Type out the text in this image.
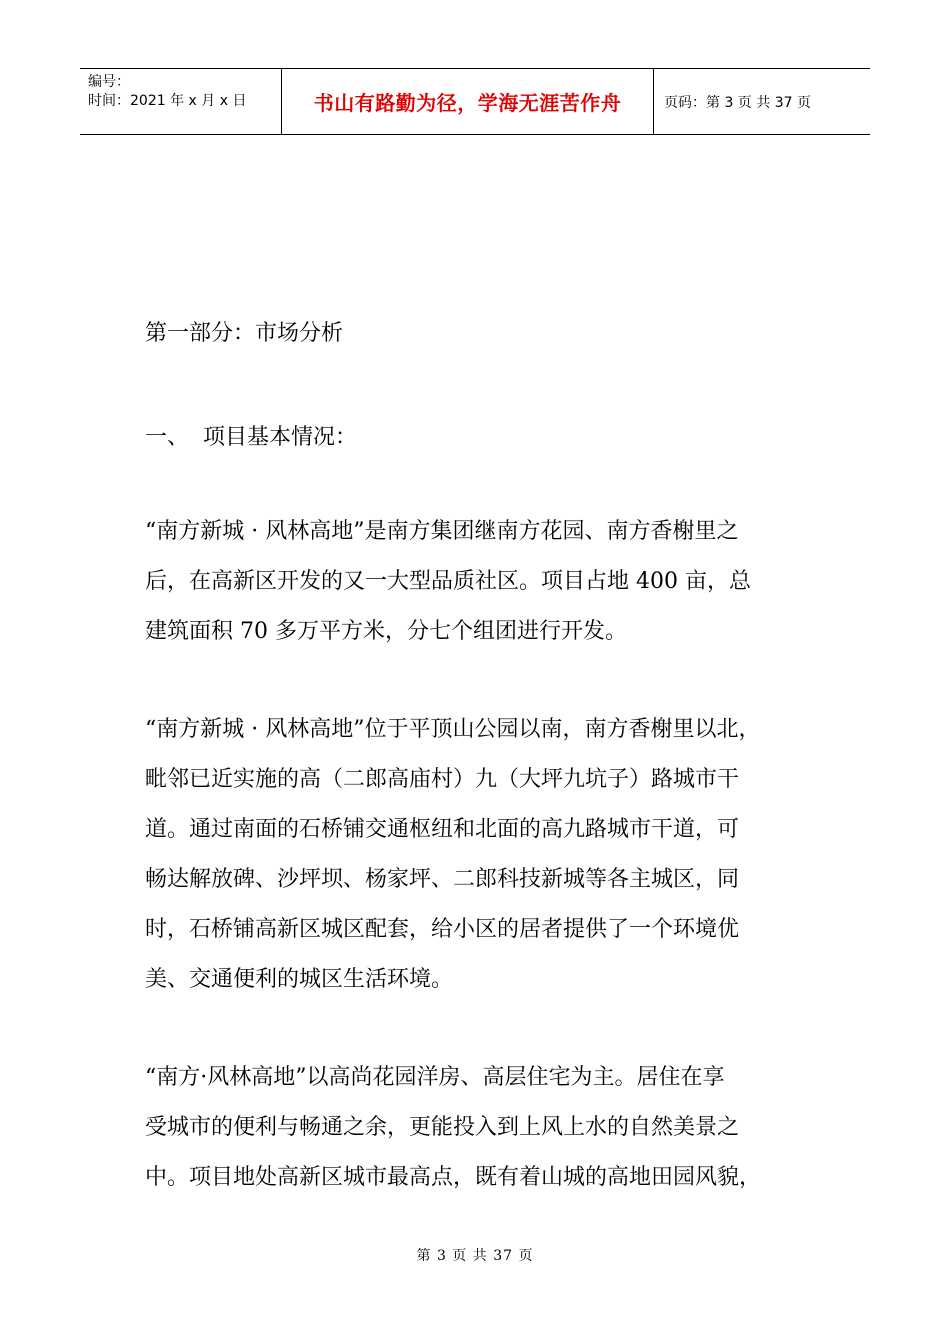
编号：
时间：2021 年 x 月 x 日	书山有路勤为径，学海无涯苦作舟	页码：第 3 页 共 37 页
第一部分：市场分析
一、 项目基本情况：
“南方新城 · 风林高地”是南方集团继南方花园、南方香榭里之
后，在高新区开发的又一大型品质社区。项目占地 400 亩，总
建筑面积 70 多万平方米，分七个组团进行开发。
“南方新城 · 风林高地”位于平顶山公园以南，南方香榭里以北，
毗邻已近实施的高（二郎高庙村）九（大坪九坑子）路城市干
道。通过南面的石桥铺交通枢纽和北面的高九路城市干道，可
畅达解放碑、沙坪坝、杨家坪、二郎科技新城等各主城区，同
时，石桥铺高新区城区配套，给小区的居者提供了一个环境优
美、交通便利的城区生活环境。
“南方·风林高地”以高尚花园洋房、高层住宅为主。居住在享
受城市的便利与畅通之余，更能投入到上风上水的自然美景之
中。项目地处高新区城市最高点，既有着山城的高地田园风貌，
第 3 页 共 37 页
